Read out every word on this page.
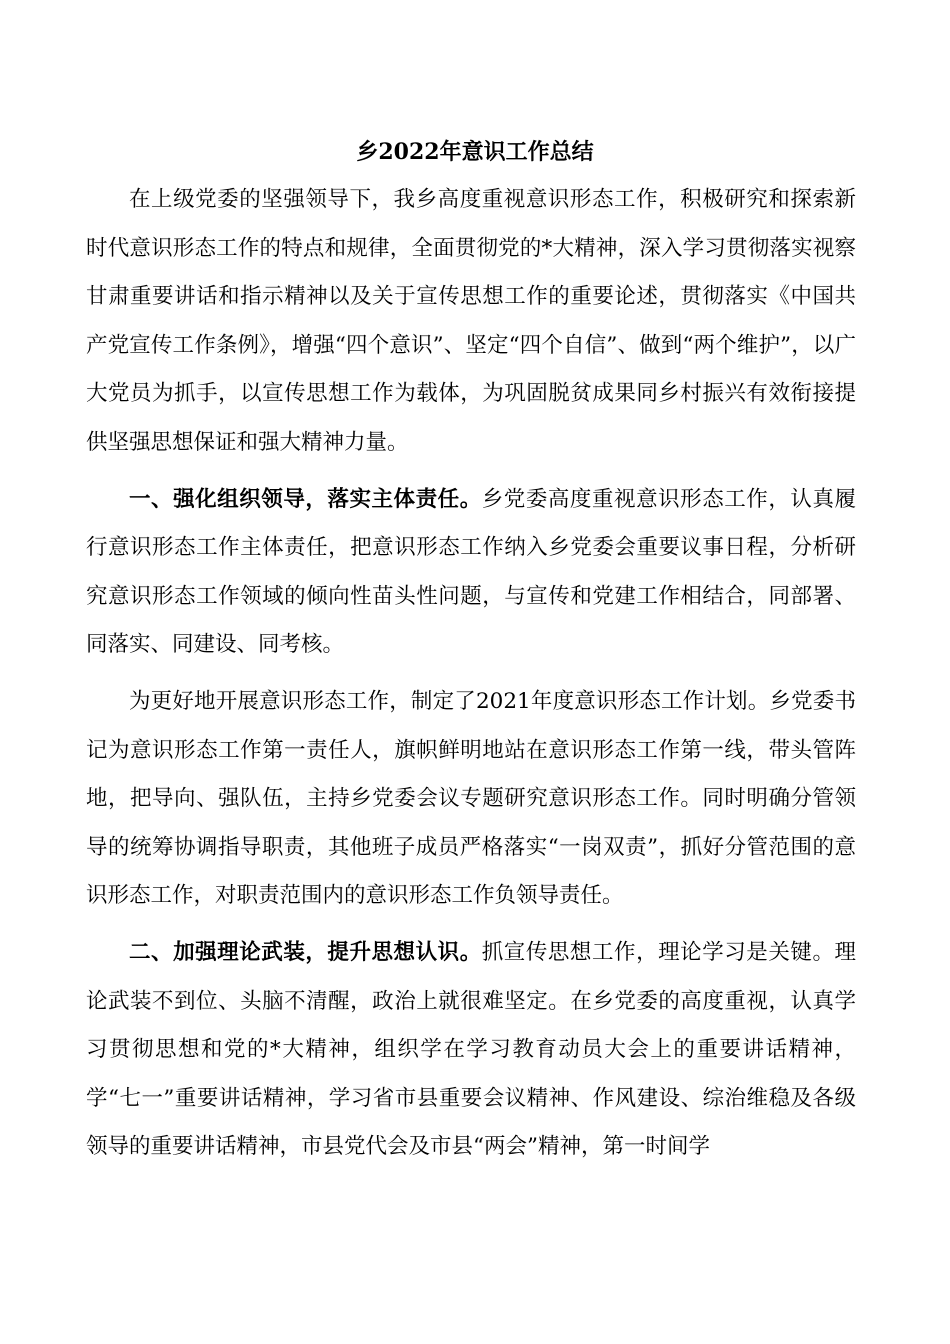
乡2022年意识工作总结

在上级党委的坚强领导下，我乡高度重视意识形态工作，积极研究和探索新时代意识形态工作的特点和规律，全面贯彻党的*大精神，深入学习贯彻落实视察甘肃重要讲话和指示精神以及关于宣传思想工作的重要论述，贯彻落实《中国共产党宣传工作条例》，增强“四个意识”、坚定“四个自信”、做到“两个维护”，以广大党员为抓手，以宣传思想工作为载体，为巩固脱贫成果同乡村振兴有效衔接提供坚强思想保证和强大精神力量。

一、强化组织领导，落实主体责任。乡党委高度重视意识形态工作，认真履行意识形态工作主体责任，把意识形态工作纳入乡党委会重要议事日程，分析研究意识形态工作领域的倾向性苗头性问题，与宣传和党建工作相结合，同部署、同落实、同建设、同考核。

为更好地开展意识形态工作，制定了2021年度意识形态工作计划。乡党委书记为意识形态工作第一责任人，旗帜鲜明地站在意识形态工作第一线，带头管阵地，把导向、强队伍，主持乡党委会议专题研究意识形态工作。同时明确分管领导的统筹协调指导职责，其他班子成员严格落实“一岗双责”，抓好分管范围的意识形态工作，对职责范围内的意识形态工作负领导责任。

二、加强理论武装，提升思想认识。抓宣传思想工作，理论学习是关键。理论武装不到位、头脑不清醒，政治上就很难坚定。在乡党委的高度重视，认真学习贯彻思想和党的*大精神，组织学在学习教育动员大会上的重要讲话精神，学“七一”重要讲话精神，学习省市县重要会议精神、作风建设、综治维稳及各级领导的重要讲话精神，市县党代会及市县“两会”精神，第一时间学
